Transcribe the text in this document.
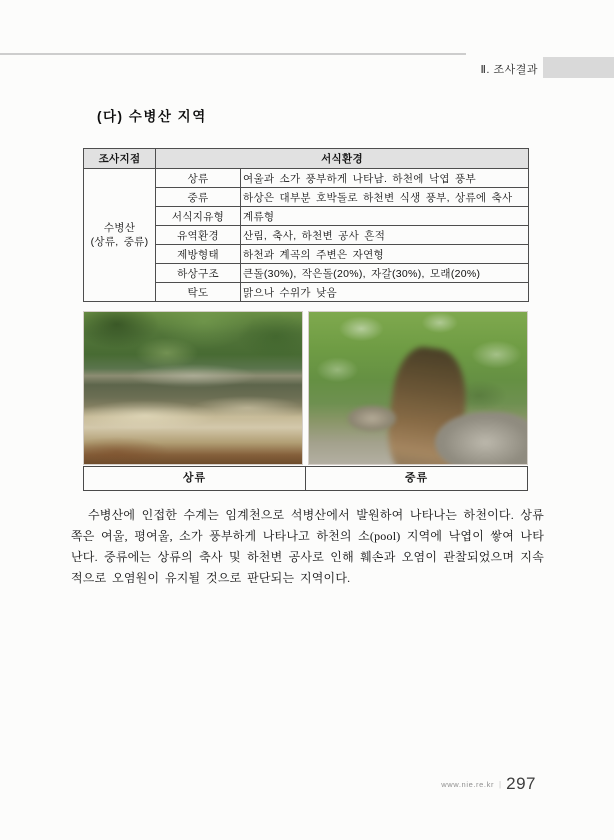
Ⅱ. 조사결과
(다) 수병산 지역
조사지점	서식환경	

수병산
(상류, 중류)	상류	여울과 소가 풍부하게 나타남. 하천에 낙엽 풍부
	중류	하상은 대부분 호박돌로 하천변 식생 풍부, 상류에 축사
	서식지유형	계류형
	유역환경	산림, 축사, 하천변 공사 흔적
	제방형태	하천과 계곡의 주변은 자연형
	하상구조	큰돌(30%), 작은돌(20%), 자갈(30%), 모래(20%)
	탁도	맑으나 수위가 낮음
상류	중류
수병산에 인접한 수계는 임계천으로 석병산에서 발원하여 나타나는 하천이다. 상류쪽은 여울, 평여울, 소가 풍부하게 나타나고 하천의 소(pool) 지역에 낙엽이 쌓여 나타난다. 중류에는 상류의 축사 및 하천변 공사로 인해 훼손과 오염이 관찰되었으며 지속적으로 오염원이 유지될 것으로 판단되는 지역이다.
www.nie.re.kr | 297
